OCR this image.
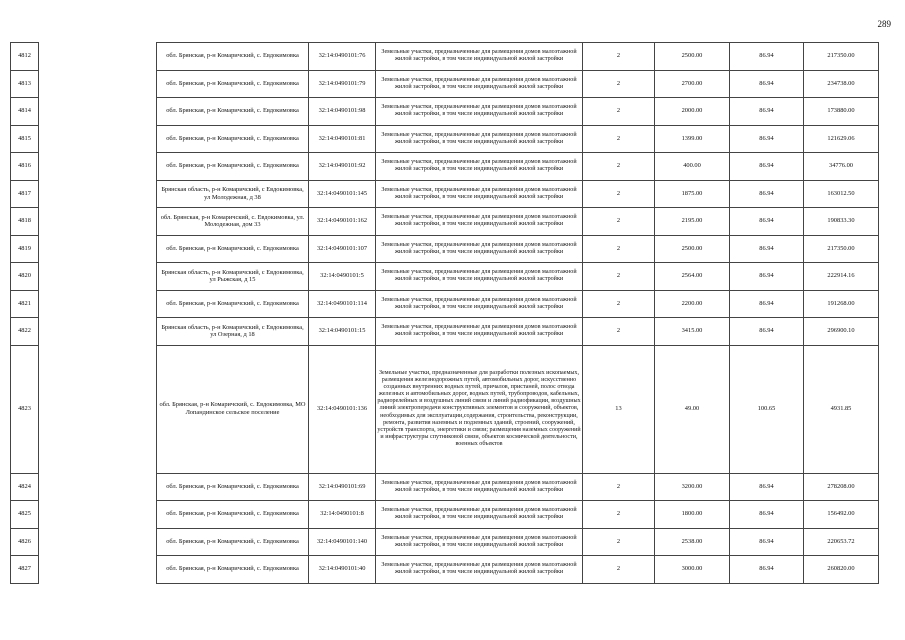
289
4812		обл. Брянская, р-н Комаричский, с. Евдокимовка	32:14:0490101:76	Земельные участки, предназначенные для размещения домов малоэтажной жилой застройки, в том числе индивидуальной жилой застройки	2	2500.00	86.94	217350.00
4813		обл. Брянская, р-н Комаричский, с. Евдокимовка	32:14:0490101:79	Земельные участки, предназначенные для размещения домов малоэтажной жилой застройки, в том числе индивидуальной жилой застройки	2	2700.00	86.94	234738.00
4814		обл. Брянская, р-н Комаричский, с. Евдокимовка	32:14:0490101:98	Земельные участки, предназначенные для размещения домов малоэтажной жилой застройки, в том числе индивидуальной жилой застройки	2	2000.00	86.94	173880.00
4815		обл. Брянская, р-н Комаричский, с. Евдокимовка	32:14:0490101:81	Земельные участки, предназначенные для размещения домов малоэтажной жилой застройки, в том числе индивидуальной жилой застройки	2	1399.00	86.94	121629.06
4816		обл. Брянская, р-н Комаричский, с. Евдокимовка	32:14:0490101:92	Земельные участки, предназначенные для размещения домов малоэтажной жилой застройки, в том числе индивидуальной жилой застройки	2	400.00	86.94	34776.00
4817		Брянская область, р-н Комаричский, с Евдокимовка, ул Молодежная, д 38	32:14:0490101:145	Земельные участки, предназначенные для размещения домов малоэтажной жилой застройки, в том числе индивидуальной жилой застройки	2	1875.00	86.94	163012.50
4818		обл. Брянская, р-н Комаричский, с. Евдокимовка, ул. Молодежная, дом 33	32:14:0490101:162	Земельные участки, предназначенные для размещения домов малоэтажной жилой застройки, в том числе индивидуальной жилой застройки	2	2195.00	86.94	190833.30
4819		обл. Брянская, р-н Комаричский, с. Евдокимовка	32:14:0490101:107	Земельные участки, предназначенные для размещения домов малоэтажной жилой застройки, в том числе индивидуальной жилой застройки	2	2500.00	86.94	217350.00
4820		Брянская область, р-н Комаричский, с Евдокимовка, ул Рыжская, д 15	32:14:0490101:5	Земельные участки, предназначенные для размещения домов малоэтажной жилой застройки, в том числе индивидуальной жилой застройки	2	2564.00	86.94	222914.16
4821		обл. Брянская, р-н Комаричский, с. Евдокимовка	32:14:0490101:114	Земельные участки, предназначенные для размещения домов малоэтажной жилой застройки, в том числе индивидуальной жилой застройки	2	2200.00	86.94	191268.00
4822		Брянская область, р-н Комаричский, с Евдокимовка, ул Озерная, д 18	32:14:0490101:15	Земельные участки, предназначенные для размещения домов малоэтажной жилой застройки, в том числе индивидуальной жилой застройки	2	3415.00	86.94	296900.10
4823		обл. Брянская, р-н Комаричский, с. Евдокимовка, МО Лопандинское сельское поселение	32:14:0490101:136	Земельные участки, предназначенные для разработки полезных ископаемых, размещения железнодорожных путей, автомобильных дорог, искусственно созданных внутренних водных путей, причалов, пристаней, полос отвода железных и автомобильных дорог, водных путей, трубопроводов, кабельных, радиорелейных и воздушных линий связи и линий радиофикации, воздушных линий электропередачи конструктивных элементов и сооружений, объектов, необходимых для эксплуатации,содержания, строительства, реконструкции, ремонта, развития наземных и подземных зданий, строений, сооружений, устройств транспорта, энергетики и связи; размещения наземных сооружений и инфраструктуры спутниковой связи, объектов космической деятельности, военных объектов	13	49.00	100.65	4931.85
4824		обл. Брянская, р-н Комаричский, с. Евдокимовка	32:14:0490101:69	Земельные участки, предназначенные для размещения домов малоэтажной жилой застройки, в том числе индивидуальной жилой застройки	2	3200.00	86.94	278208.00
4825		обл. Брянская, р-н Комаричский, с. Евдокимовка	32:14:0490101:8	Земельные участки, предназначенные для размещения домов малоэтажной жилой застройки, в том числе индивидуальной жилой застройки	2	1800.00	86.94	156492.00
4826		обл. Брянская, р-н Комаричский, с. Евдокимовка	32:14:0490101:140	Земельные участки, предназначенные для размещения домов малоэтажной жилой застройки, в том числе индивидуальной жилой застройки	2	2538.00	86.94	220653.72
4827		обл. Брянская, р-н Комаричский, с. Евдокимовка	32:14:0490101:40	Земельные участки, предназначенные для размещения домов малоэтажной жилой застройки, в том числе индивидуальной жилой застройки	2	3000.00	86.94	260820.00
